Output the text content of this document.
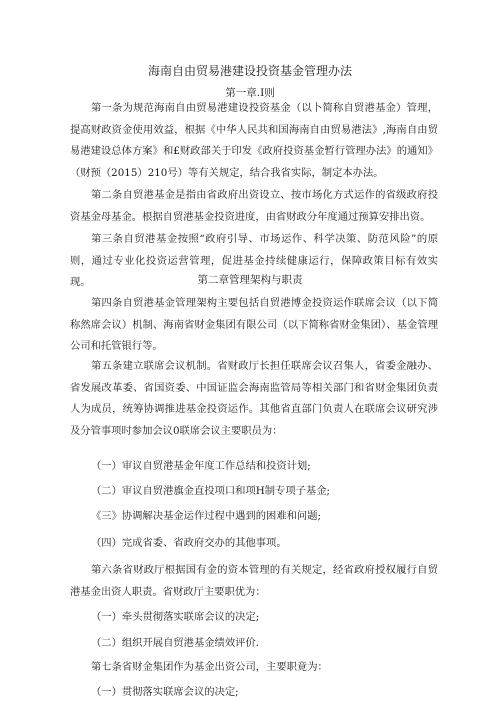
海南自由贸易港建设投资基金管理办法
第一章.I则

第一条为规范海南自由贸易港建设投资基金（以卜简称自贸港基金）管理，提高财政资金使用效益，根据《中华人民共和国海南自由贸易港法》,海南自由贸易港建设总体方案》和£财政部关于印发《政府投资基金暂行管理办法》的通知》（财预（2015）210号）等有关规定，结合我省实际，制定本办法。

第二条自贸港基金是指由省政府出资设立、按市场化方式运作的省级政府投资基金母基金。根据自贸港基金投资进度，由省财政分年度通过预算安排出资。

第三条自贸港基金按照“政府引导、市场运作、科学决策、防范风险”的原则，通过专业化投资运营管理，促进基金持续健康运行，保障政策目标有效实现。	第二章管理架构与职责

第四条自贸港基金管理架构主要包括自贸港博金投资运作联席会议（以下简称然席会议）机制、海南省财金集团有限公司（以下简称省财金集团）、基金管理公司和托管银行等。

第五条建立联席会议机制。省财政厅长担任联席会议召集人，省委金融办、省发展改革委、省国资委、中国证监会海南监管局等相关部门和省财金集团负责人为成员，统筹协调推进基金投资运作。其他省直部门负责人在联席会议研究涉及分管事项时参加会议0联席会议主要职员为：

（一）审议自贸港基金年度工作总结和投资计划;
（二）审议自贸港旗金直投项口和项H制专项子基金;
《三》协调解决基金运作过程中遇到的困难和问题;
（四）完成省委、省政府交办的其他事项。

第六条省财政厅根据国有金的资本管理的有关规定，经省政府授权履行自贸港基金出资人职责。省财政厅主要职优为：

（一）牵头贯彻落实联席会议的决定;
（二）组织开展自贸港基金绩效评价.
第七条省财金集团作为基金出资公司，主要职竟为：
（一）贯彻落实联席会议的决定;
